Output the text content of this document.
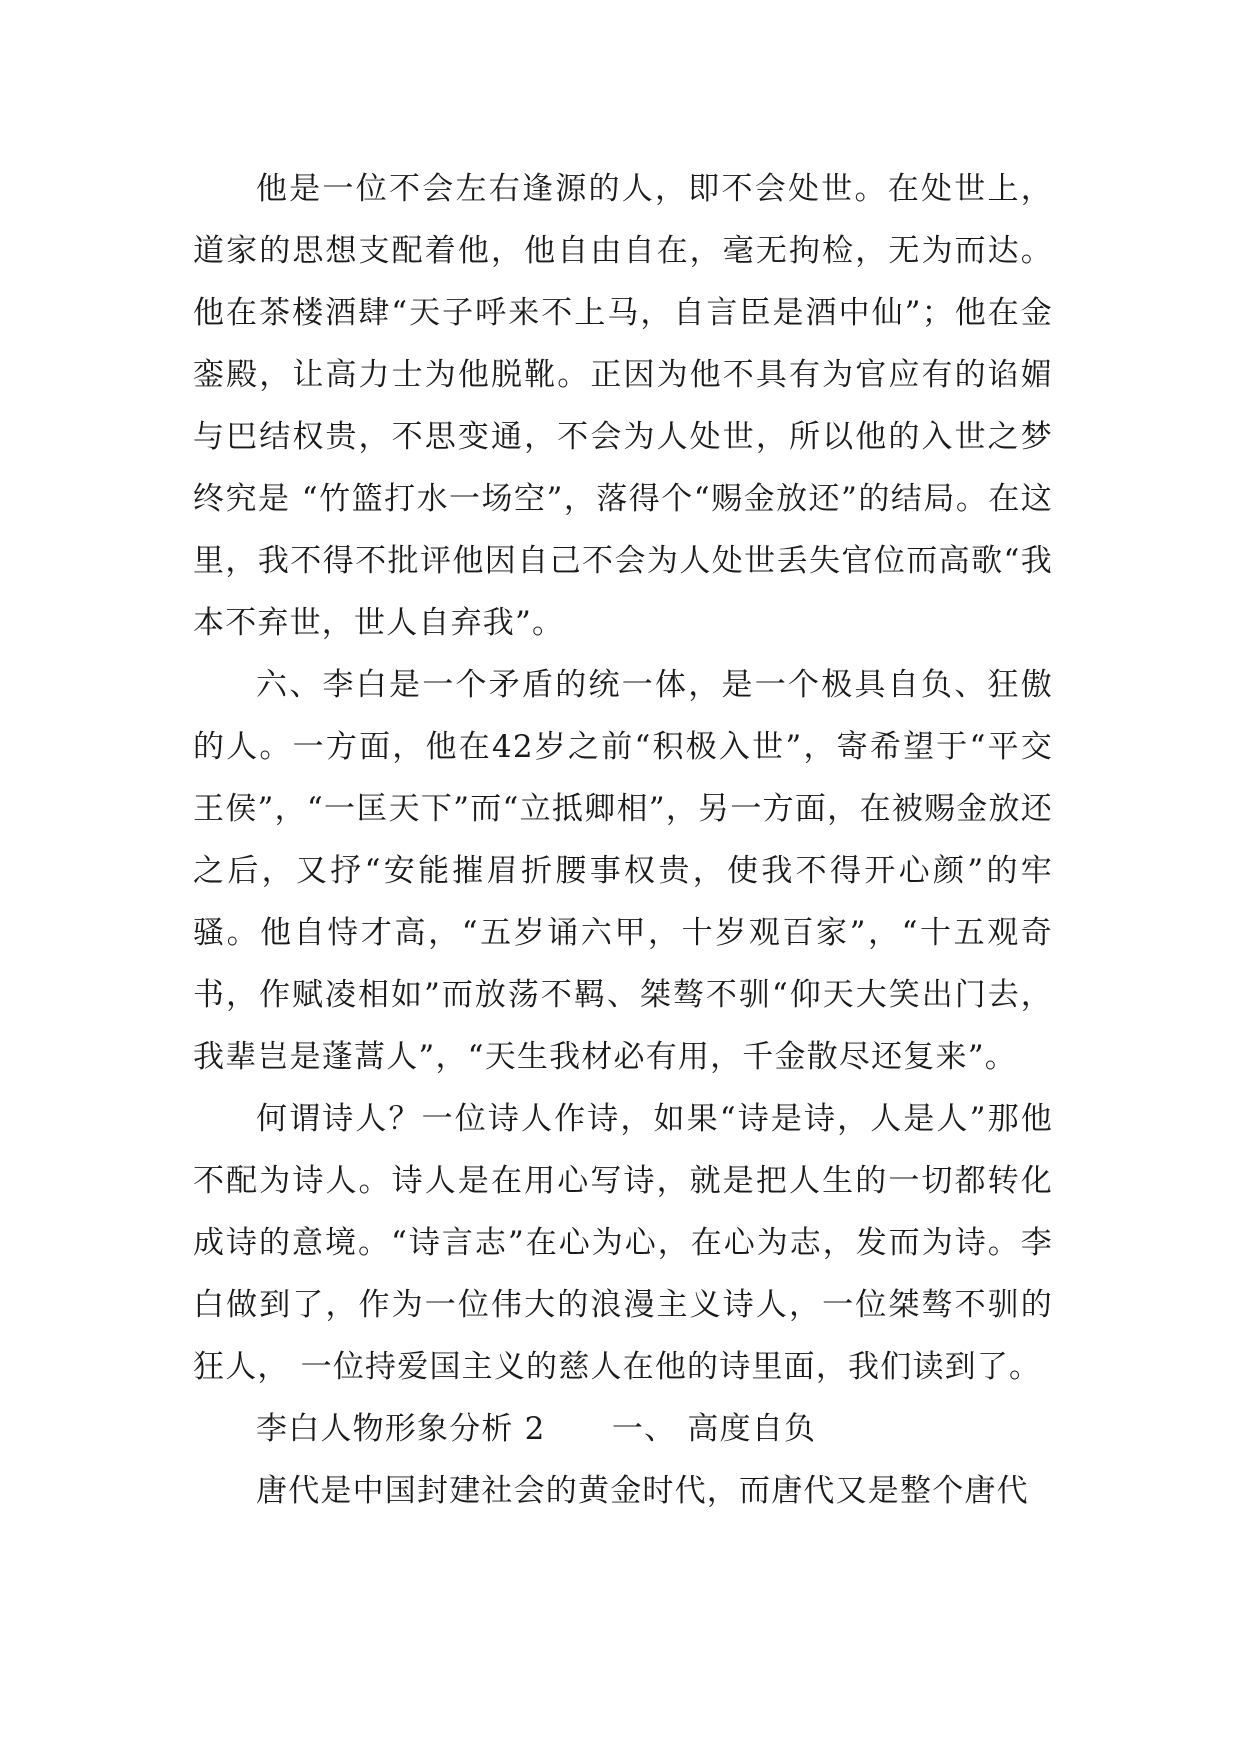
他是一位不会左右逢源的人，即不会处世。在处世上，道家的思想支配着他，他自由自在，毫无拘检，无为而达。他在茶楼酒肆“天子呼来不上马，自言臣是酒中仙”；他在金銮殿，让高力士为他脱靴。正因为他不具有为官应有的谄媚与巴结权贵，不思变通，不会为人处世，所以他的入世之梦终究是 “竹篮打水一场空”，落得个“赐金放还”的结局。在这里，我不得不批评他因自己不会为人处世丢失官位而高歌“我本不弃世，世人自弃我”。

六、李白是一个矛盾的统一体，是一个极具自负、狂傲的人。一方面，他在42岁之前“积极入世”，寄希望于“平交王侯”，“一匡天下”而“立抵卿相”，另一方面，在被赐金放还之后，又抒“安能摧眉折腰事权贵，使我不得开心颜”的牢骚。他自恃才高，“五岁诵六甲，十岁观百家”，“十五观奇书，作赋凌相如”而放荡不羁、桀骜不驯“仰天大笑出门去，我辈岂是蓬蒿人”，“天生我材必有用，千金散尽还复来”。

何谓诗人？一位诗人作诗，如果“诗是诗，人是人”那他不配为诗人。诗人是在用心写诗，就是把人生的一切都转化成诗的意境。“诗言志”在心为心，在心为志，发而为诗。李白做到了，作为一位伟大的浪漫主义诗人，一位桀骜不驯的狂人， 一位持爱国主义的慈人在他的诗里面，我们读到了。

李白人物形象分析 2      一、 高度自负

唐代是中国封建社会的黄金时代，而唐代又是整个唐代
